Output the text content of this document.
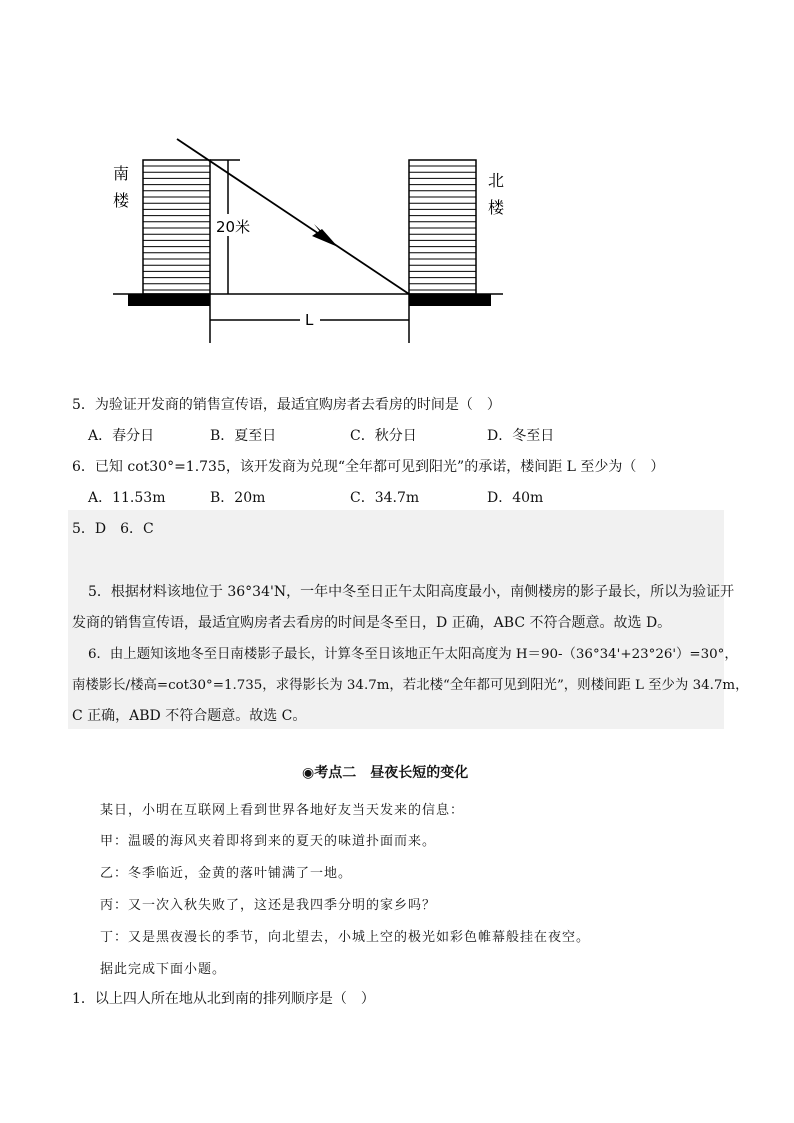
南
楼
北
楼
20米
L
5．为验证开发商的销售宣传语，最适宜购房者去看房的时间是（　）
A．春分日	B．夏至日	C．秋分日	D．冬至日
6．已知 cot30°=1.735，该开发商为兑现“全年都可见到阳光”的承诺，楼间距 L 至少为（　）
A．11.53m	B．20m	C．34.7m	D．40m
5．D　6．C
5．根据材料该地位于 36°34'N，一年中冬至日正午太阳高度最小，南侧楼房的影子最长，所以为验证开
发商的销售宣传语，最适宜购房者去看房的时间是冬至日，D 正确，ABC 不符合题意。故选 D。
6．由上题知该地冬至日南楼影子最长，计算冬至日该地正午太阳高度为 H＝90-（36°34'+23°26'）=30°，
南楼影长/楼高=cot30°=1.735，求得影长为 34.7m，若北楼“全年都可见到阳光”，则楼间距 L 至少为 34.7m，
C 正确，ABD 不符合题意。故选 C。
◉考点二　昼夜长短的变化
某日，小明在互联网上看到世界各地好友当天发来的信息：
甲：温暖的海风夹着即将到来的夏天的味道扑面而来。
乙：冬季临近，金黄的落叶铺满了一地。
丙：又一次入秋失败了，这还是我四季分明的家乡吗？
丁：又是黑夜漫长的季节，向北望去，小城上空的极光如彩色帷幕般挂在夜空。
据此完成下面小题。
1．以上四人所在地从北到南的排列顺序是（　）
